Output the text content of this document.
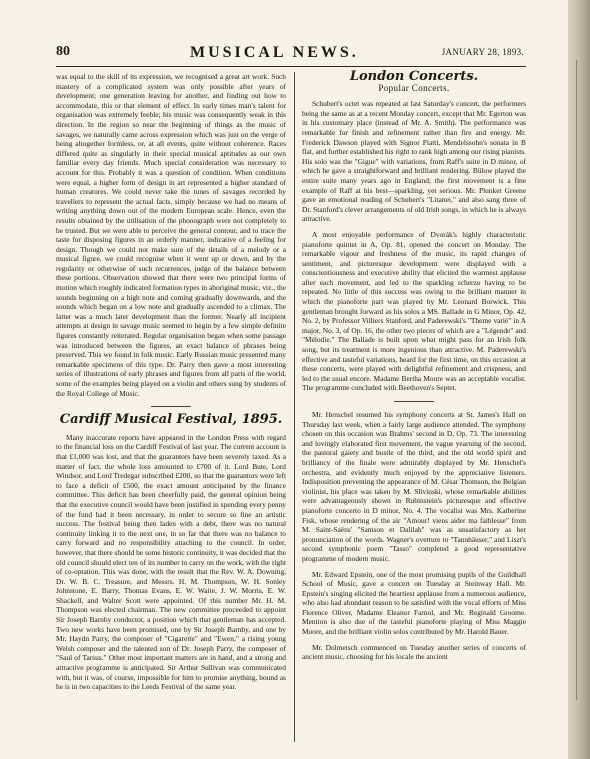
80	MUSICAL NEWS.	JANUARY 28, 1893.

was equal to the skill of its expression, we recognised a great art work. Such mastery of a complicated system was only possible after years of development; one generation leaving for another, and finding out how to accommodate, this or that element of effect. In early times man's talent for organisation was extremely feeble; his music was consequently weak in this direction. In the region so near the beginning of things as the music of savages, we naturally came across expression which was just on the verge of being altogether formless, or, at all events, quite without coherence. Races differed quite as singularly in their special musical aptitudes as our own familiar every day friends. Much special consideration was necessary to account for this. Probably it was a question of condition. When conditions were equal, a higher form of design in art represented a higher standard of human creatures. We could never take the tunes of savages recorded by travellers to represent the actual facts, simply because we had no means of writing anything down out of the modern European scale. Hence, even the results obtained by the utilisation of the phonograph were not completely to be trusted. But we were able to perceive the general contour, and to trace the taste for disposing figures in an orderly manner, indicative of a feeling for design. Though we could not make sure of the details of a melody or a musical figure, we could recognise when it went up or down, and by the regularity or otherwise of such recurrences, judge of the balance between these portions. Observation showed that there were two principal forms of motion which roughly indicated formation types in aboriginal music, viz., the sounds beginning on a high note and coming gradually downwards, and the sounds which began on a low note and gradually ascended to a climax. The latter was a much later development than the former. Nearly all incipient attempts at design in savage music seemed to begin by a few simple definite figures constantly reiterated. Regular organisation began when some passage was introduced between the figures, an exact balance of phrases being preserved. This we found in folk music. Early Russian music presented many remarkable specimens of this type. Dr. Parry then gave a most interesting series of illustrations of early phrases and figures from all parts of the world, some of the examples being played on a violin and others sung by students of the Royal College of Music.

Cardiff Musical Festival, 1895.

Many inaccurate reports have appeared in the London Press with regard to the financial loss on the Cardiff Festival of last year. The current account is that £1,000 was lost, and that the guarantors have been severely taxed. As a matter of fact, the whole loss amounted to £700 of it. Lord Bute, Lord Windsor, and Lord Tredegar subscribed £200, so that the guarantors were left to face a deficit of £500, the exact amount anticipated by the finance committee. This deficit has been cheerfully paid, the general opinion being that the executive council would have been justified in spending every penny of the fund had it been necessary, in order to secure so fine an artistic success. The festival being then laden with a debt, there was no natural continuity linking it to the next one, in so far that there was no balance to carry forward and no responsibility attaching to the council. In order, however, that there should be some historic continuity, it was decided that the old council should elect ten of its number to carry on the work, with the right of co-optation. This was done, with the result that the Rev. W. A. Downing, Dr. W. B. C. Treasure, and Messrs. H. M. Thompson, W. H. Sonley Johnstone, E. Barry, Thomas Evans, E. W. Waite, J. W. Morris, E. W. Shackell, and Walter Scott were appointed. Of this number Mr. H. M. Thompson was elected chairman. The new committee proceeded to appoint Sir Joseph Barnby conductor, a position which that gentleman has accepted. Two new works have been promised, one by Sir Joseph Barnby, and one by Mr. Haydn Parry, the composer of "Cigarette" and "Ewen," a rising young Welsh composer and the talented son of Dr. Joseph Parry, the composer of "Saul of Tarsus." Other most important matters are in hand, and a strong and attractive programme is anticipated. Sir Arthur Sullivan was communicated with, but it was, of course, impossible for him to promise anything, bound as he is in two capacities to the Leeds Festival of the same year.

London Concerts.
Popular Concerts.

Schubert's octet was repeated at last Saturday's concert, the performers being the same as at a recent Monday concert, except that Mr. Egerton was in his customary place (instead of Mr. A. Smith). The performance was remarkable for finish and refinement rather than fire and energy. Mr. Frederick Dawson played with Signor Piatti, Mendelssohn's sonata in B flat, and further established his right to rank high among our rising pianists. His solo was the "Gigue" with variations, from Raff's suite in D minor, of which he gave a straightforward and brilliant rendering. Bülow played the entire suite many years ago in England; the first movement is a fine example of Raff at his best—sparkling, yet serious. Mr. Plunket Greene gave an emotional reading of Schubert's "Litanei," and also sang three of Dr. Stanford's clever arrangements of old Irish songs, in which he is always attractive.

A most enjoyable performance of Dvorák's highly characteristic pianoforte quintet in A, Op. 81, opened the concert on Monday. The remarkable vigour and freshness of the music, its rapid changes of sentiment, and picturesque development were displayed with a conscientiousness and executive ability that elicited the warmest applause after each movement, and led to the sparkling scherzo having to be repeated. No little of this success was owing to the brilliant manner in which the pianoforte part was played by Mr. Leonard Borwick. This gentleman brought forward as his solos a MS. Ballade in G Minor, Op. 42, No. 2, by Professor Villiers Stanford, and Paderewski's "Theme varié" in A major, No. 3, of Op. 16, the other two pieces of which are a "Légende" and "Mélodie." The Ballade is built upon what might pass for an Irish folk song, but its treatment is more ingenious than attractive. M. Paderewski's effective and tasteful variations, heard for the first time, on this occasion at these concerts, were played with delightful refinement and crispness, and led to the usual encore. Madame Bertha Moore was an acceptable vocalist. The programme concluded with Beethoven's Septet.

Mr. Henschel resumed his symphony concerts at St. James's Hall on Thursday last week, when a fairly large audience attended. The symphony chosen on this occasion was Brahms' second in D, Op. 73. The interesting and lovingly elaborated first movement, the vague yearning of the second, the pastoral gaiety and bustle of the third, and the old world spirit and brilliancy of the finale were admirably displayed by Mr. Henschel's orchestra, and evidently much enjoyed by the appreciative listeners. Indisposition preventing the appearance of M. César Thomson, the Belgian violinist, his place was taken by M. Slivinski, whose remarkable abilities were advantageously shown in Rubinstein's picturesque and effective pianoforte concerto in D minor, No. 4. The vocalist was Mrs. Katherine Fisk, whose rendering of the air "Amour! viens aider ma faiblesse" from M. Saint-Saëns' "Samson et Dalilah" was as unsatisfactory as her pronunciation of the words. Wagner's overture to "Tannhäuser," and Liszt's second symphonic poem "Tasso" completed a good representative programme of modern music.

Mr. Edward Epstein, one of the most promising pupils of the Guildhall School of Music, gave a concert on Tuesday at Steinway Hall. Mr. Epstein's singing elicited the heartiest applause from a numerous audience, who also had abundant reason to be satisfied with the vocal efforts of Miss Florence Oliver, Madame Eleanor Farnol, and Mr. Reginald Groome. Mention is also due of the tasteful pianoforte playing of Miss Maggie Moore, and the brilliant violin solos contributed by Mr. Harold Bauer.

Mr. Dolmetsch commenced on Tuesday another series of concerts of ancient music, choosing for his locale the ancient
